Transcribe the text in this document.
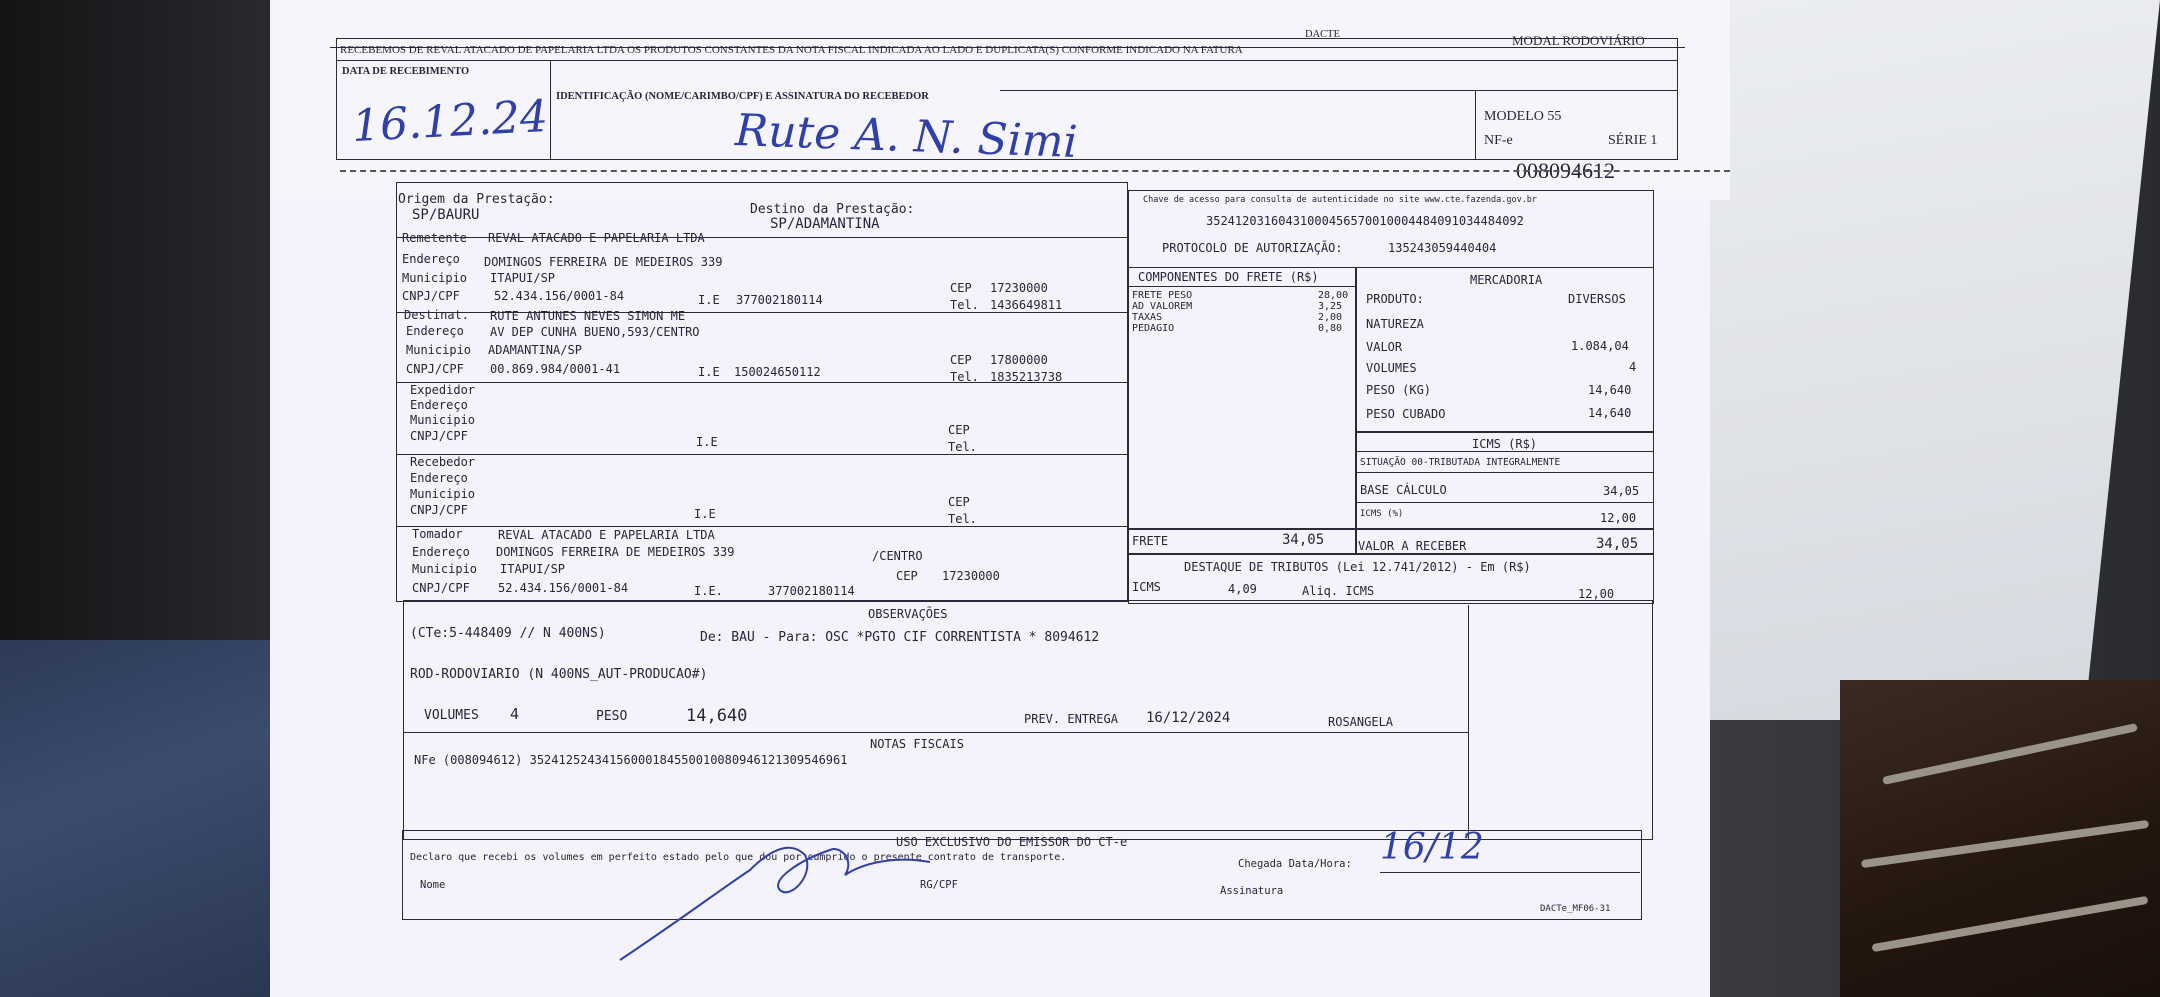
DACTE	MODAL RODOVIÁRIO
RECEBEMOS DE REVAL ATACADO DE PAPELARIA LTDA OS PRODUTOS CONSTANTES DA NOTA FISCAL INDICADA AO LADO E DUPLICATA(S) CONFORME INDICADO NA FATURA
DATA DE RECEBIMENTO
IDENTIFICAÇÃO (NOME/CARIMBO/CPF) E ASSINATURA DO RECEBEDOR
16.12.24	Rute A. N. Simi	MODELO 55
NF-e	SÉRIE 1
008094612
Origem da Prestação:
SP/BAURU	Destino da Prestação:
SP/ADAMANTINA
Remetente REVAL ATACADO E PAPELARIA LTDA
Endereço DOMINGOS FERREIRA DE MEDEIROS 339
Municipio ITAPUI/SP
CNPJ/CPF	52.434.156/0001-84	I.E 377002180114
CEP 17230000
Tel. 1436649811
Destinat. RUTE ANTUNES NEVES SIMON ME
Endereço AV DEP CUNHA BUENO,593/CENTRO
Municipio ADAMANTINA/SP
CNPJ/CPF 00.869.984/0001-41	I.E 150024650112
CEP 17800000
Tel. 1835213738
Expedidor
Endereço
Municipio
CNPJ/CPF	I.E
CEP
Tel.
Recebedor
Endereço
Municipio
CNPJ/CPF	I.E
CEP
Tel.
Tomador	REVAL ATACADO E PAPELARIA LTDA
Endereço DOMINGOS FERREIRA DE MEDEIROS 339	/CENTRO
Municipio ITAPUI/SP	CEP 17230000
CNPJ/CPF 52.434.156/0001-84	I.E.	377002180114
Chave de acesso para consulta de autenticidade no site www.cte.fazenda.gov.br
35241203160431000456570010004484091034484092
PROTOCOLO DE AUTORIZAÇÃO:	135243059440404
COMPONENTES DO FRETE (R$)
FRETE PESO	28,00
AD VALOREM	3,25
TAXAS	2,00
PEDAGIO	0,80
MERCADORIA
PRODUTO:	DIVERSOS
NATUREZA
VALOR	1.084,04
VOLUMES	4
PESO (KG)	14,640
PESO CUBADO	14,640
ICMS (R$)
SITUAÇÃO 00-TRIBUTADA INTEGRALMENTE
BASE CÁLCULO	34,05
ICMS (%)	12,00
FRETE	34,05	VALOR A RECEBER	34,05
DESTAQUE DE TRIBUTOS (Lei 12.741/2012) - Em (R$)
ICMS	4,09	Aliq. ICMS	12,00
OBSERVAÇÕES
(CTe:5-448409 // N 400NS)	De: BAU - Para: OSC *PGTO CIF CORRENTISTA * 8094612
ROD-RODOVIARIO (N 400NS_AUT-PRODUCAO#)
VOLUMES 4	PESO	14,640	PREV. ENTREGA 16/12/2024	ROSANGELA
NOTAS FISCAIS
NFe (008094612) 35241252434156000184550010080946121309546961
USO EXCLUSIVO DO EMISSOR DO CT-e
Declaro que recebi os volumes em perfeito estado pelo que dou por cumprido o presente contrato de transporte.
Chegada Data/Hora: 16/12
Nome	RG/CPF	Assinatura
DACTe_MF06-31
